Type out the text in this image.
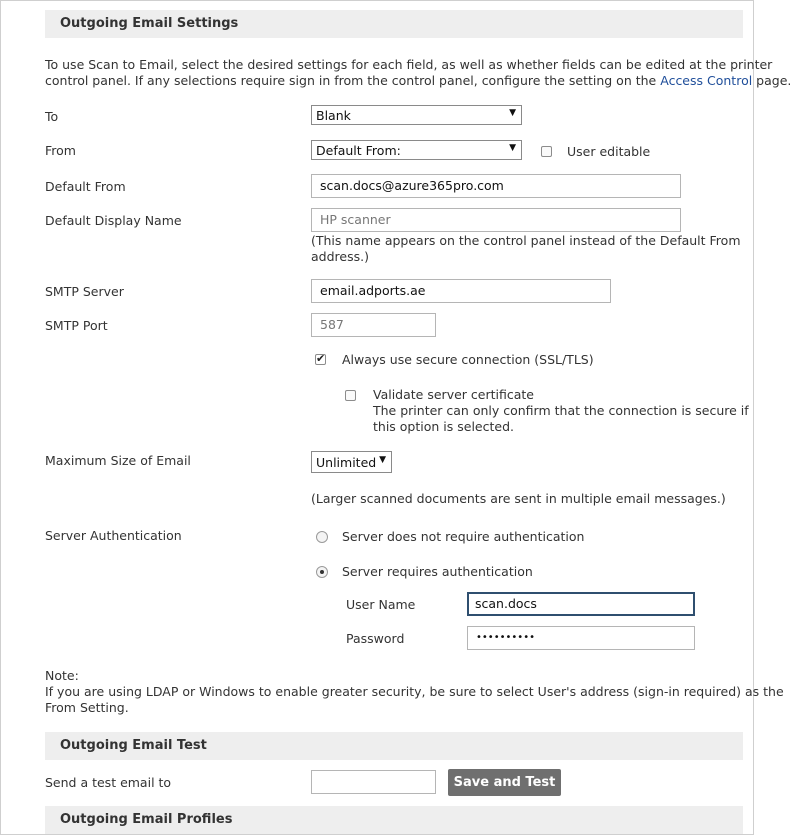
Outgoing Email Settings
To use Scan to Email, select the desired settings for each field, as well as whether fields can be edited at the printer
control panel. If any selections require sign in from the control panel, configure the setting on the Access Control page.
To	Blank	▼
From	Default From:	▼	User editable
Default From	scan.docs@azure365pro.com
Default Display Name	HP scanner
(This name appears on the control panel instead of the Default From
address.)
SMTP Server	email.adports.ae
SMTP Port	587
✔
Always use secure connection (SSL/TLS)
Validate server certificate
The printer can only confirm that the connection is secure if
this option is selected.
Maximum Size of Email	Unlimited ▼
(Larger scanned documents are sent in multiple email messages.)
Server Authentication	Server does not require authentication
Server requires authentication
User Name	scan.docs
Password	••••••••••
Note:
If you are using LDAP or Windows to enable greater security, be sure to select User's address (sign-in required) as the
From Setting.
Outgoing Email Test
Send a test email to	Save and Test
Outgoing Email Profiles
